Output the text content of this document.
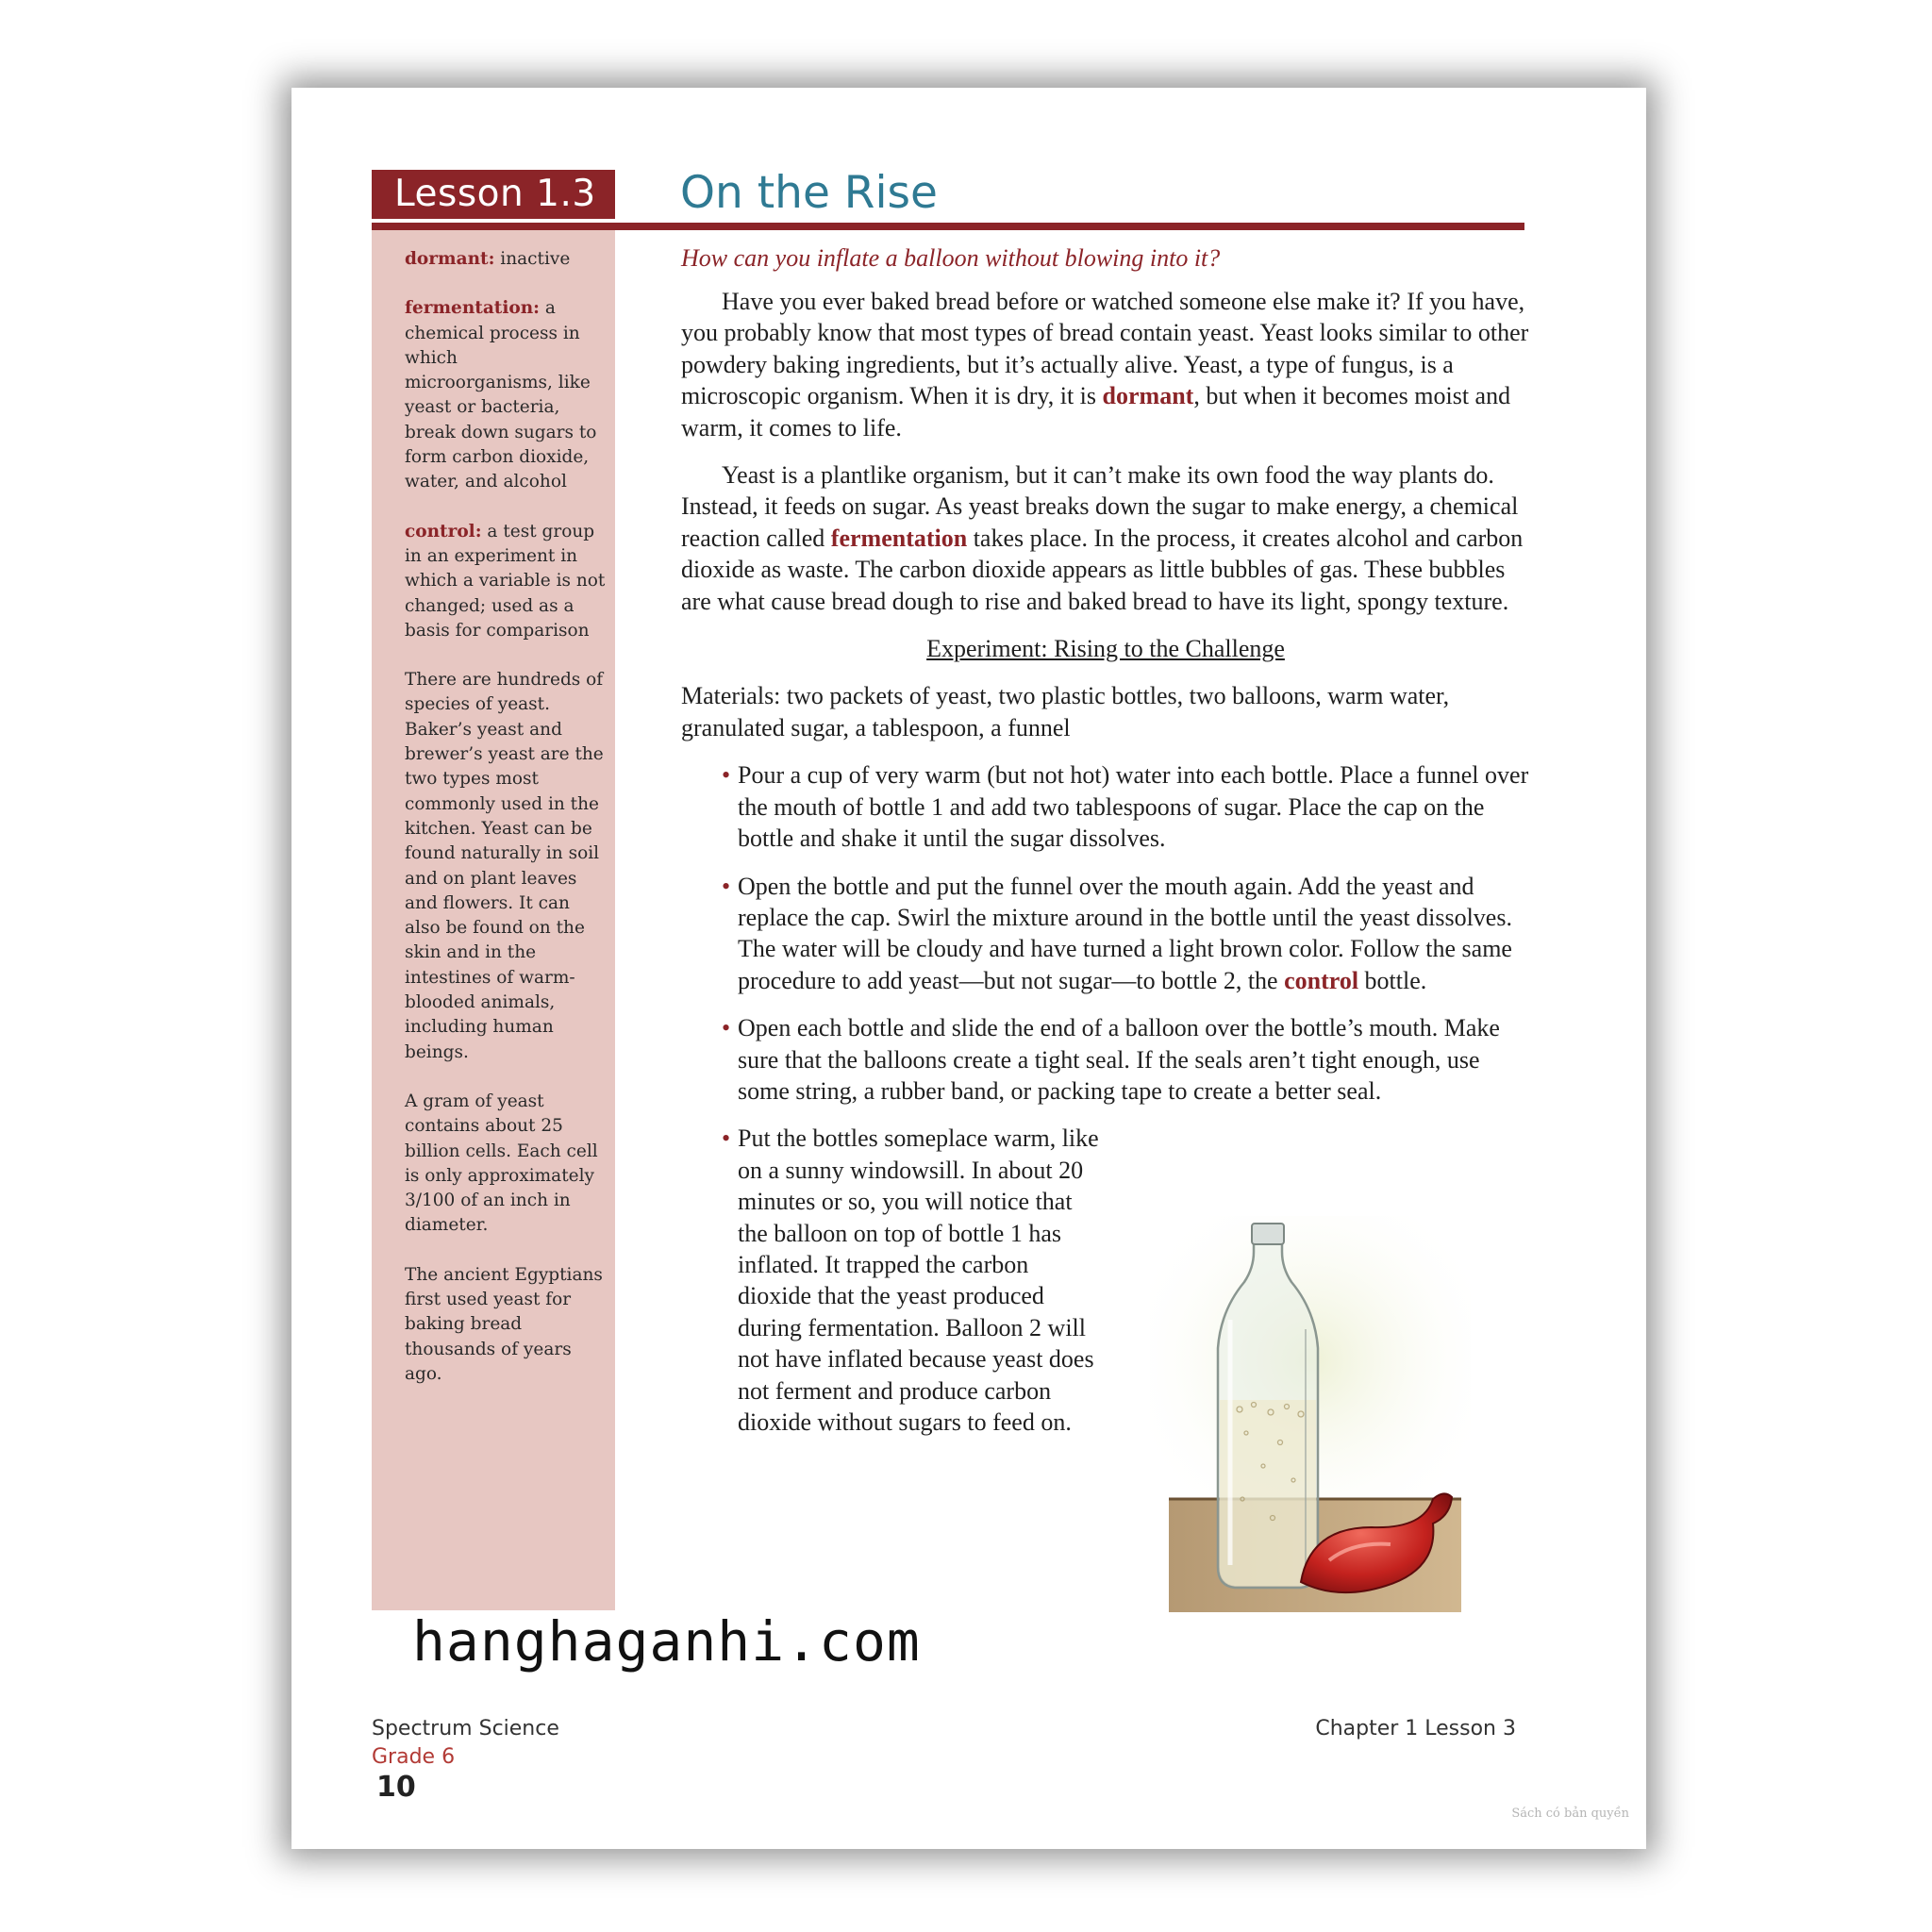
Lesson 1.3	On the Rise

dormant: inactive

fermentation: a chemical process in which microorganisms, like yeast or bacteria, break down sugars to form carbon dioxide, water, and alcohol

control: a test group in an experiment in which a variable is not changed; used as a basis for comparison

There are hundreds of species of yeast. Baker’s yeast and brewer’s yeast are the two types most commonly used in the kitchen. Yeast can be found naturally in soil and on plant leaves and flowers. It can also be found on the skin and in the intestines of warm-blooded animals, including human beings.

A gram of yeast contains about 25 billion cells. Each cell is only approximately 3/100 of an inch in diameter.

The ancient Egyptians first used yeast for baking bread thousands of years ago.

How can you inflate a balloon without blowing into it?

Have you ever baked bread before or watched someone else make it? If you have, you probably know that most types of bread contain yeast. Yeast looks similar to other powdery baking ingredients, but it’s actually alive. Yeast, a type of fungus, is a microscopic organism. When it is dry, it is dormant, but when it becomes moist and warm, it comes to life.

Yeast is a plantlike organism, but it can’t make its own food the way plants do. Instead, it feeds on sugar. As yeast breaks down the sugar to make energy, a chemical reaction called fermentation takes place. In the process, it creates alcohol and carbon dioxide as waste. The carbon dioxide appears as little bubbles of gas. These bubbles are what cause bread dough to rise and baked bread to have its light, spongy texture.

Experiment: Rising to the Challenge

Materials: two packets of yeast, two plastic bottles, two balloons, warm water, granulated sugar, a tablespoon, a funnel

• Pour a cup of very warm (but not hot) water into each bottle. Place a funnel over the mouth of bottle 1 and add two tablespoons of sugar. Place the cap on the bottle and shake it until the sugar dissolves.
• Open the bottle and put the funnel over the mouth again. Add the yeast and replace the cap. Swirl the mixture around in the bottle until the yeast dissolves. The water will be cloudy and have turned a light brown color. Follow the same procedure to add yeast—but not sugar—to bottle 2, the control bottle.
• Open each bottle and slide the end of a balloon over the bottle’s mouth. Make sure that the balloons create a tight seal. If the seals aren’t tight enough, use some string, a rubber band, or packing tape to create a better seal.
• Put the bottles someplace warm, like on a sunny windowsill. In about 20 minutes or so, you will notice that the balloon on top of bottle 1 has inflated. It trapped the carbon dioxide that the yeast produced during fermentation. Balloon 2 will not have inflated because yeast does not ferment and produce carbon dioxide without sugars to feed on.
Spectrum Science
Grade 6
10
Chapter 1 Lesson 3
Sách có bản quyền
hanghaganhi.com
